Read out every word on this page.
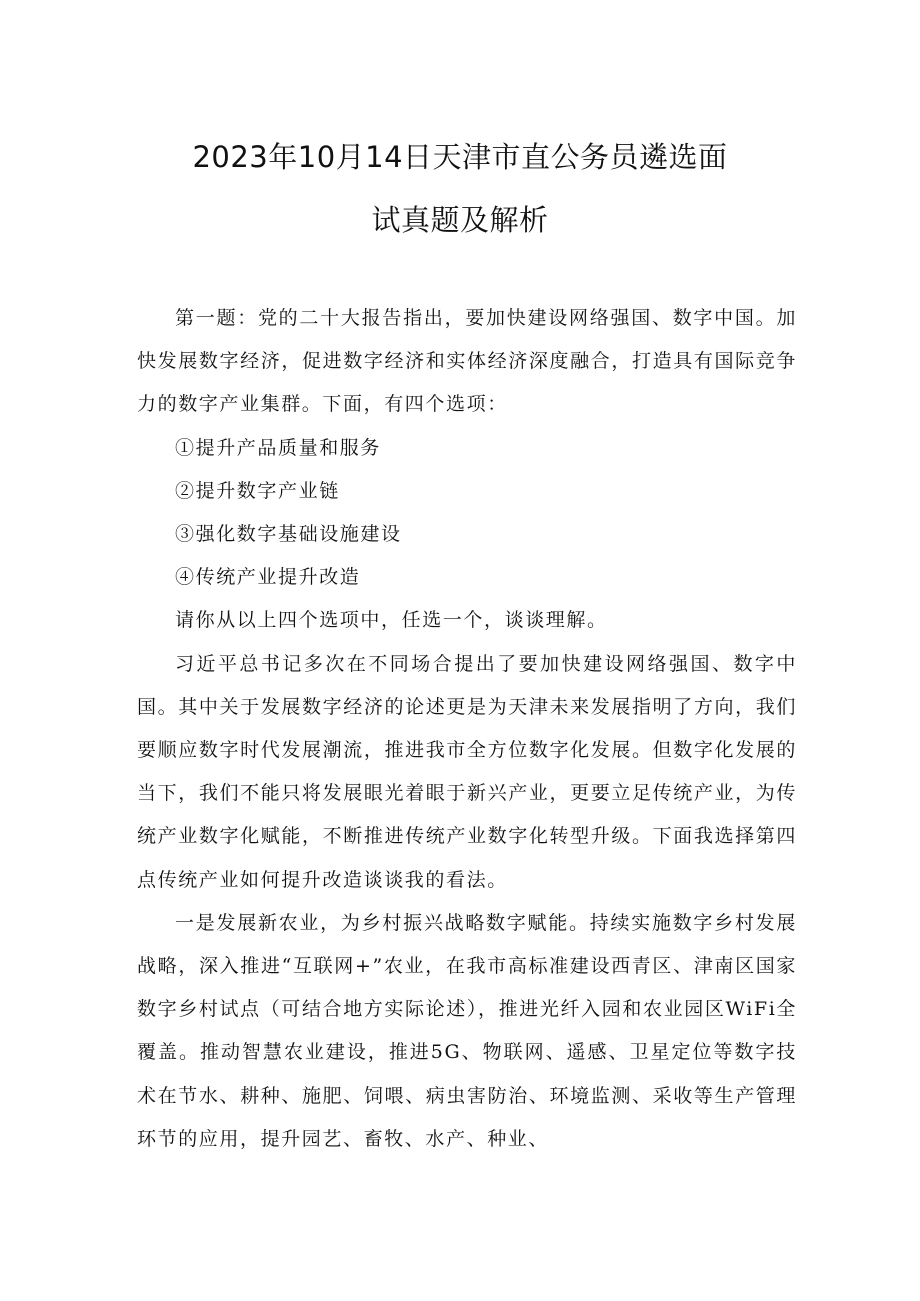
2023年10月14日天津市直公务员遴选面
试真题及解析

第一题：党的二十大报告指出，要加快建设网络强国、数字中国。加快发展数字经济，促进数字经济和实体经济深度融合，打造具有国际竞争力的数字产业集群。下面，有四个选项：

①提升产品质量和服务

②提升数字产业链

③强化数字基础设施建设

④传统产业提升改造

请你从以上四个选项中，任选一个，谈谈理解。

习近平总书记多次在不同场合提出了要加快建设网络强国、数字中国。其中关于发展数字经济的论述更是为天津未来发展指明了方向，我们要顺应数字时代发展潮流，推进我市全方位数字化发展。但数字化发展的当下，我们不能只将发展眼光着眼于新兴产业，更要立足传统产业，为传统产业数字化赋能，不断推进传统产业数字化转型升级。下面我选择第四点传统产业如何提升改造谈谈我的看法。

一是发展新农业，为乡村振兴战略数字赋能。持续实施数字乡村发展战略，深入推进“互联网+”农业，在我市高标准建设西青区、津南区国家数字乡村试点（可结合地方实际论述），推进光纤入园和农业园区WiFi全覆盖。推动智慧农业建设，推进5G、物联网、遥感、卫星定位等数字技术在节水、耕种、施肥、饲喂、病虫害防治、环境监测、采收等生产管理环节的应用，提升园艺、畜牧、水产、种业、
